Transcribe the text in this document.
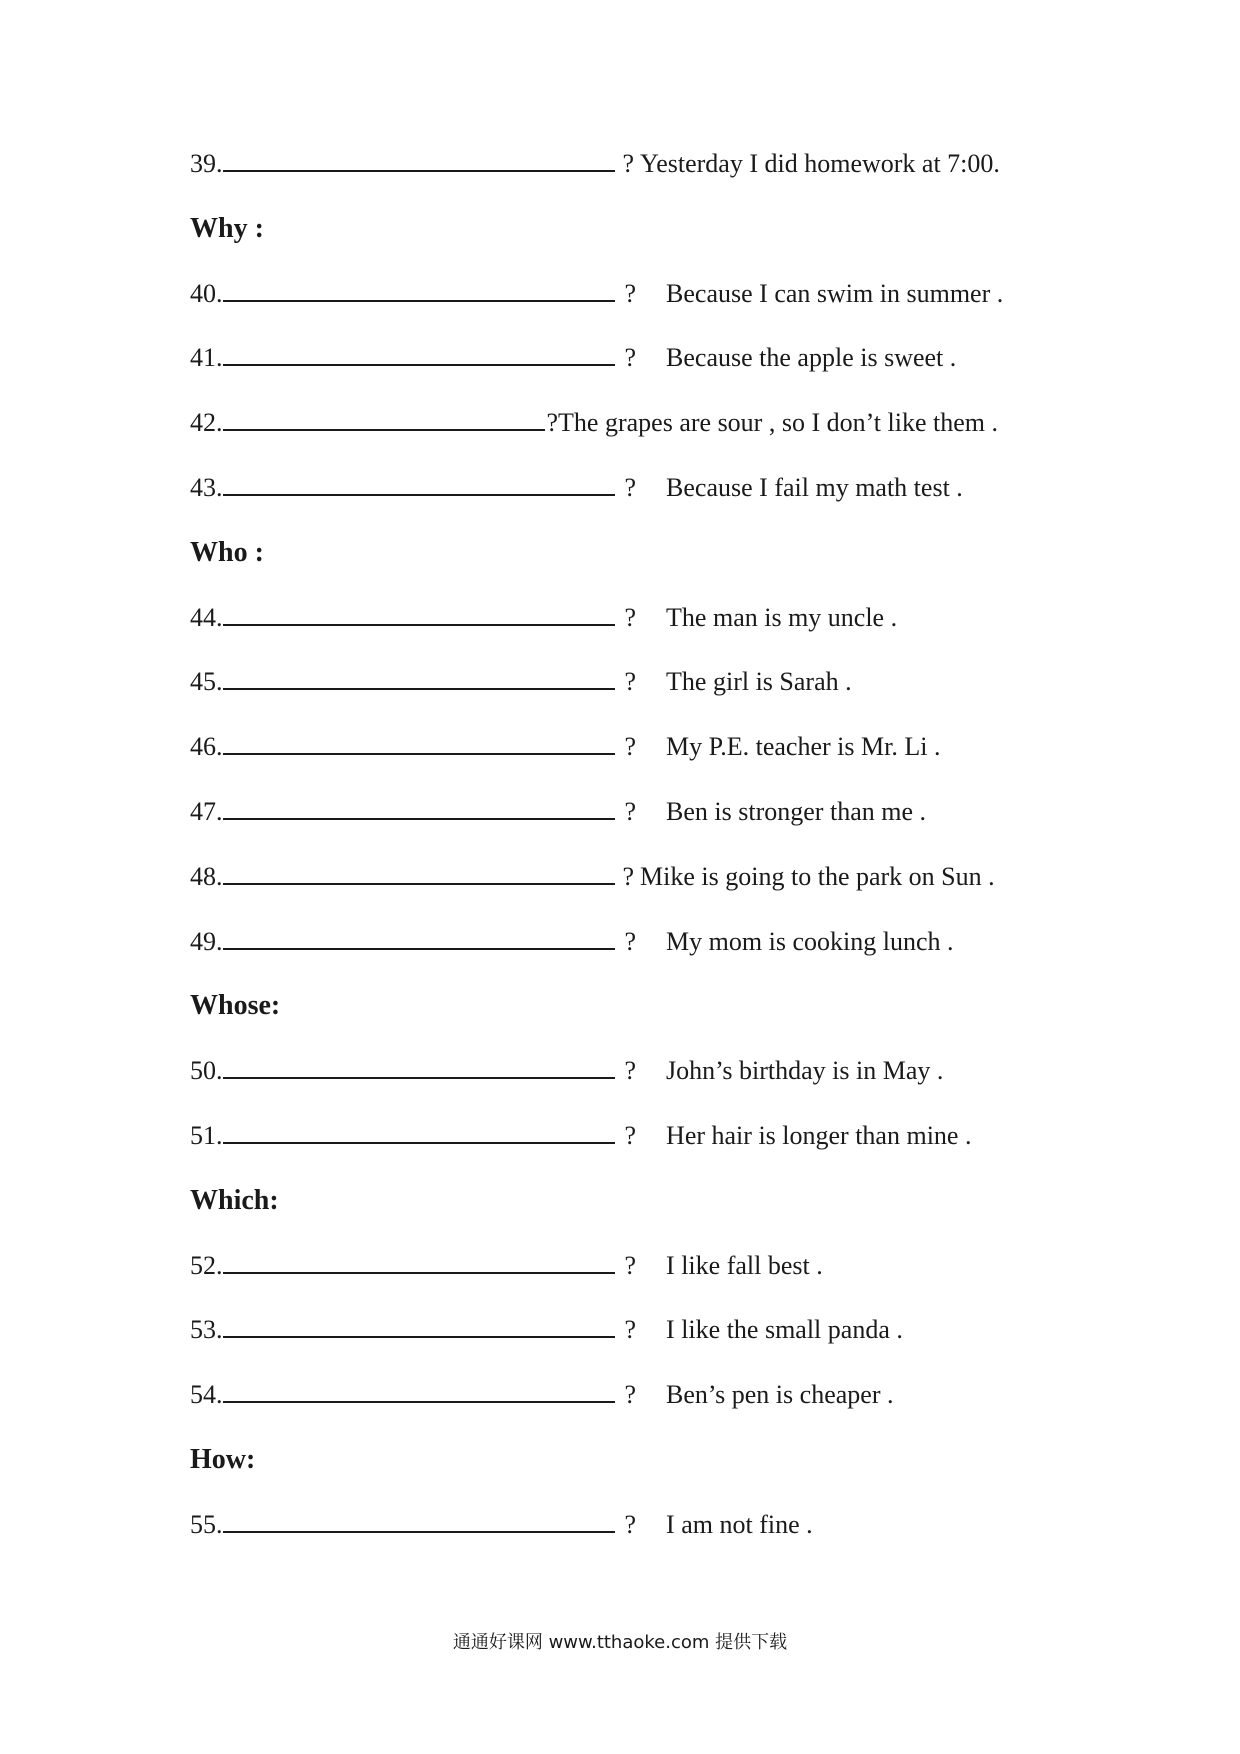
39.	? Yesterday I did homework at 7:00.
Why :
40.	? Because I can swim in summer .
41.	? Because the apple is sweet .
42.	?The grapes are sour , so I don’t like them .
43.	? Because I fail my math test .
Who :
44.	? The man is my uncle .
45.	? The girl is Sarah .
46.	? My P.E. teacher is Mr. Li .
47.	? Ben is stronger than me .
48.	? Mike is going to the park on Sun .
49.	? My mom is cooking lunch .
Whose:
50.	? John’s birthday is in May .
51.	? Her hair is longer than mine .
Which:
52.	? I like fall best .
53.	? I like the small panda .
54.	? Ben’s pen is cheaper .
How:
55.	? I am not fine .
通通好课网 www.tthaoke.com 提供下载
